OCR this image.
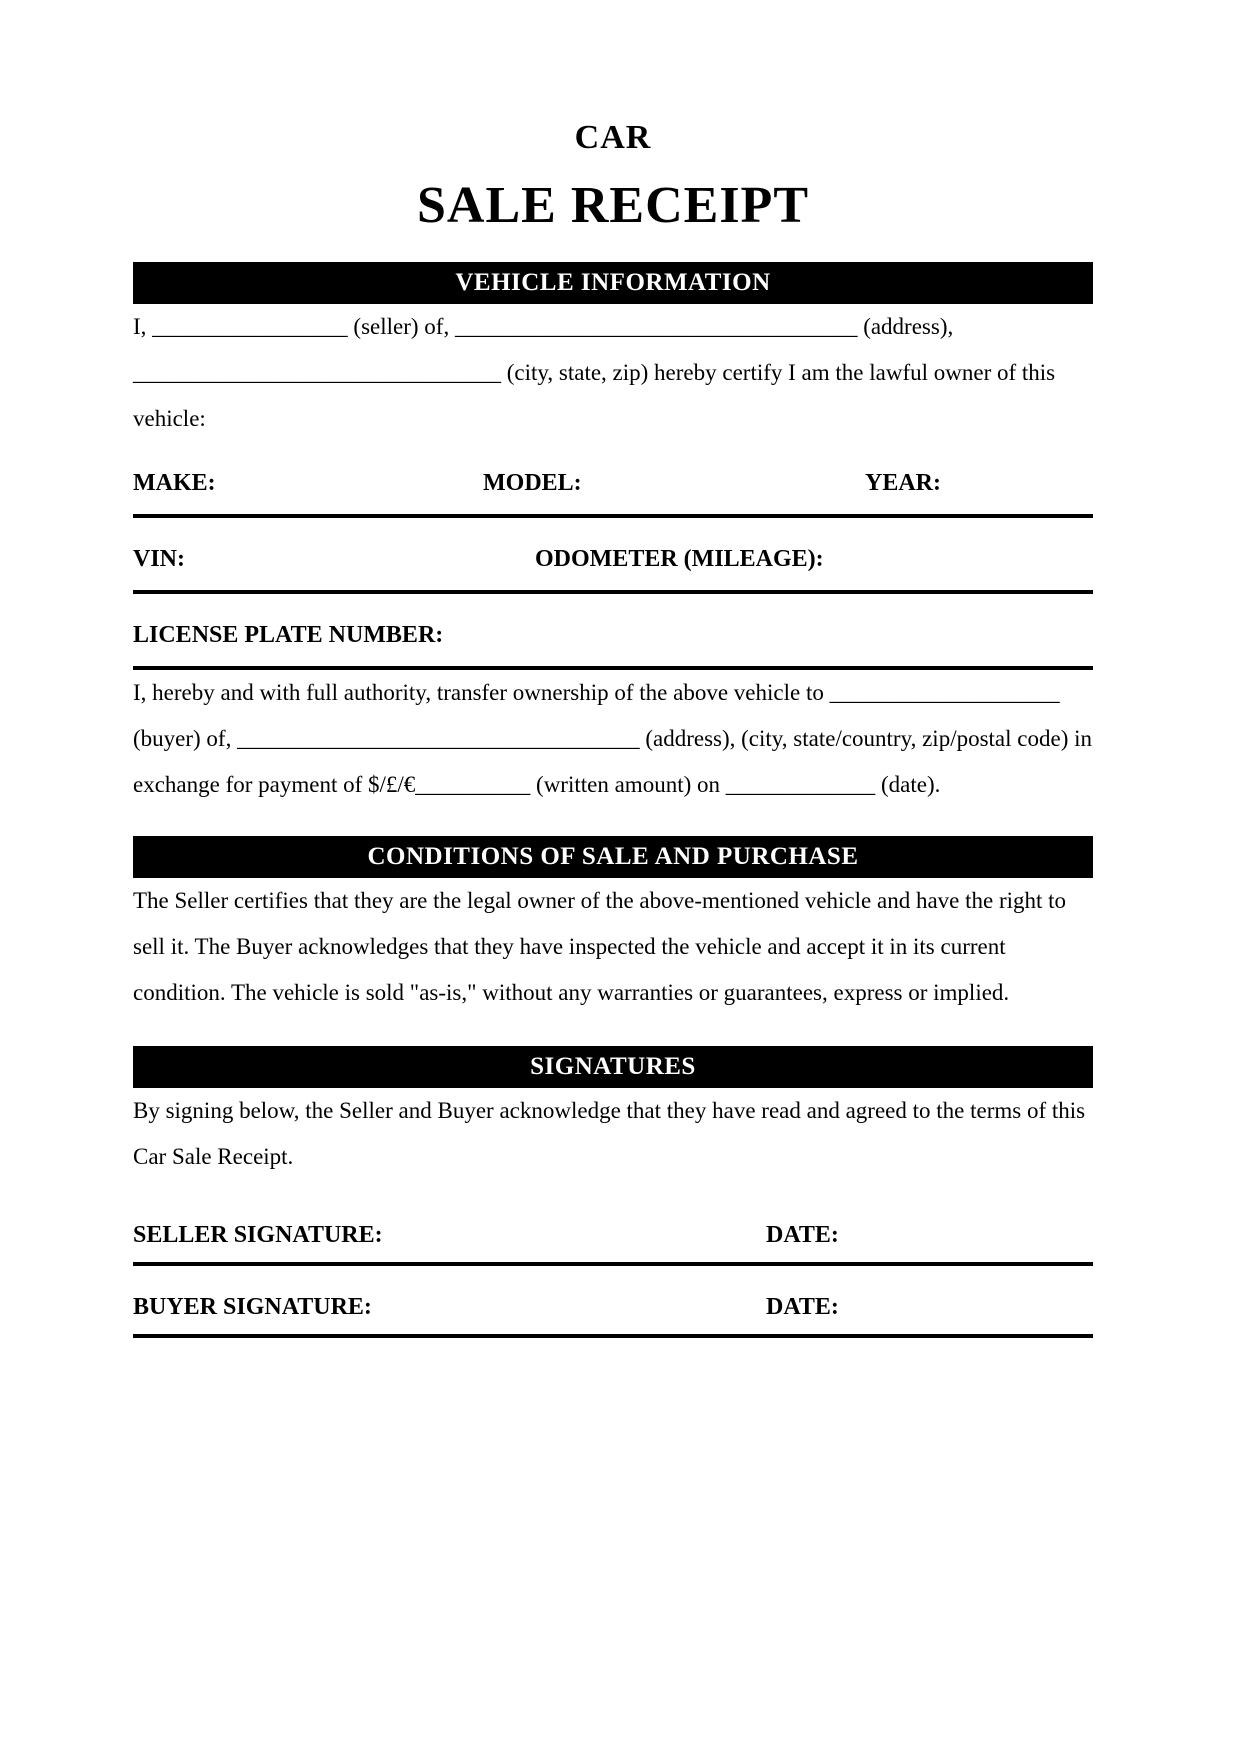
CAR
SALE RECEIPT
VEHICLE INFORMATION

I, _________________ (seller) of, ___________________________________ (address), ________________________________ (city, state, zip) hereby certify I am the lawful owner of this vehicle:

MAKE:	MODEL:	YEAR:
VIN:	ODOMETER (MILEAGE):
LICENSE PLATE NUMBER:

I, hereby and with full authority, transfer ownership of the above vehicle to ____________________ (buyer) of, ___________________________________ (address), (city, state/country, zip/postal code) in exchange for payment of $/£/€__________ (written amount) on _____________ (date).

CONDITIONS OF SALE AND PURCHASE

The Seller certifies that they are the legal owner of the above-mentioned vehicle and have the right to sell it. The Buyer acknowledges that they have inspected the vehicle and accept it in its current condition. The vehicle is sold "as-is," without any warranties or guarantees, express or implied.

SIGNATURES

By signing below, the Seller and Buyer acknowledge that they have read and agreed to the terms of this Car Sale Receipt.

SELLER SIGNATURE:	DATE:
BUYER SIGNATURE:	DATE:
